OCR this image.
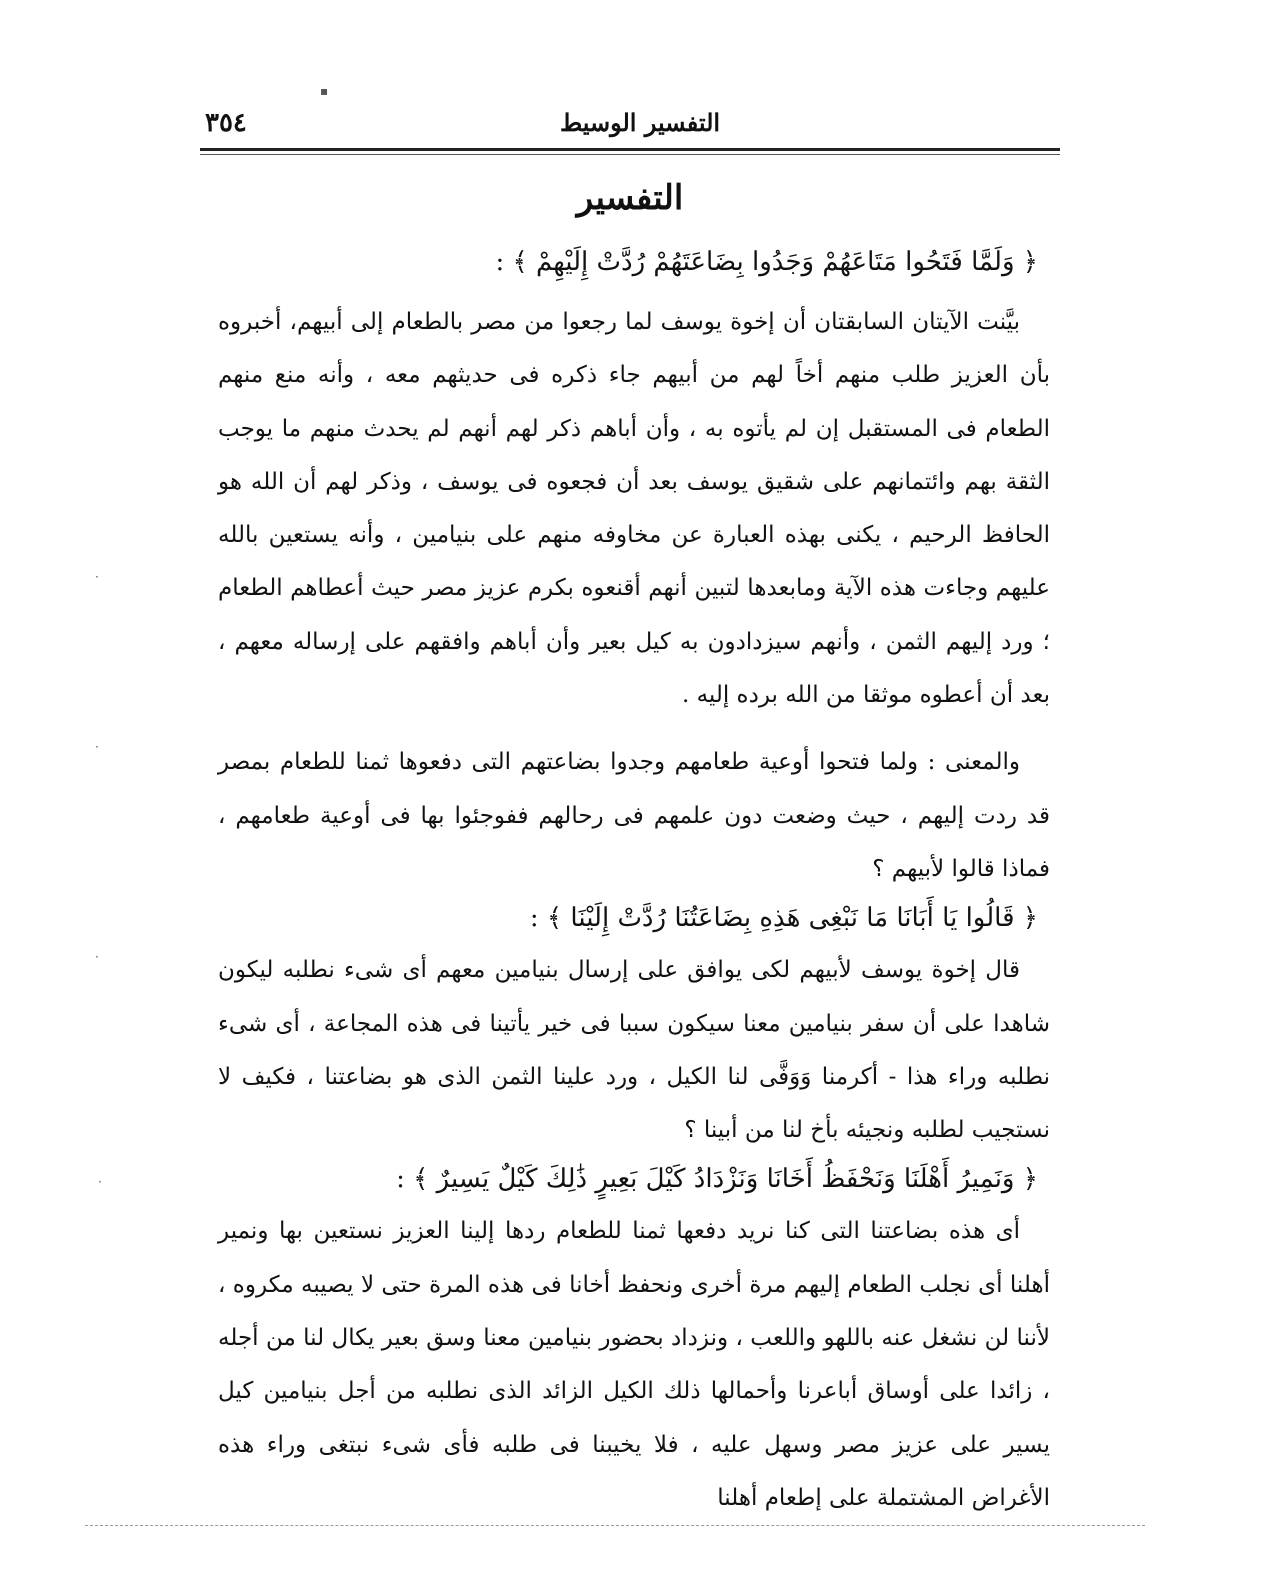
٣٥٤	التفسير الوسيط
التفسير
﴿ وَلَمَّا فَتَحُوا مَتَاعَهُمْ وَجَدُوا بِضَاعَتَهُمْ رُدَّتْ إِلَيْهِمْ ﴾ :

بيَّنت الآيتان السابقتان أن إخوة يوسف لما رجعوا من مصر بالطعام إلى أبيهم، أخبروه بأن العزيز طلب منهم أخاً لهم من أبيهم جاء ذكره فى حديثهم معه ، وأنه منع منهم الطعام فى المستقبل إن لم يأتوه به ، وأن أباهم ذكر لهم أنهم لم يحدث منهم ما يوجب الثقة بهم وائتمانهم على شقيق يوسف بعد أن فجعوه فى يوسف ، وذكر لهم أن الله هو الحافظ الرحيم ، يكنى بهذه العبارة عن مخاوفه منهم على بنيامين ، وأنه يستعين بالله عليهم وجاءت هذه الآية ومابعدها لتبين أنهم أقنعوه بكرم عزيز مصر حيث أعطاهم الطعام ؛ ورد إليهم الثمن ، وأنهم سيزدادون به كيل بعير وأن أباهم وافقهم على إرساله معهم ، بعد أن أعطوه موثقا من الله برده إليه .

والمعنى : ولما فتحوا أوعية طعامهم وجدوا بضاعتهم التى دفعوها ثمنا للطعام بمصر قد ردت إليهم ، حيث وضعت دون علمهم فى رحالهم ففوجئوا بها فى أوعية طعامهم ، فماذا قالوا لأبيهم ؟

﴿ قَالُوا يَا أَبَانَا مَا نَبْغِى هَذِهِ بِضَاعَتُنَا رُدَّتْ إِلَيْنَا ﴾ :

قال إخوة يوسف لأبيهم لكى يوافق على إرسال بنيامين معهم أى شىء نطلبه ليكون شاهدا على أن سفر بنيامين معنا سيكون سببا فى خير يأتينا فى هذه المجاعة ، أى شىء نطلبه وراء هذا - أكرمنا وَوَفَّى لنا الكيل ، ورد علينا الثمن الذى هو بضاعتنا ، فكيف لا نستجيب لطلبه ونجيئه بأخ لنا من أبينا ؟

﴿ وَنَمِيرُ أَهْلَنَا وَنَحْفَظُ أَخَانَا وَنَزْدَادُ كَيْلَ بَعِيرٍ ذَٰلِكَ كَيْلٌ يَسِيرٌ ﴾ :

أى هذه بضاعتنا التى كنا نريد دفعها ثمنا للطعام ردها إلينا العزيز نستعين بها ونمير أهلنا أى نجلب الطعام إليهم مرة أخرى ونحفظ أخانا فى هذه المرة حتى لا يصيبه مكروه ، لأننا لن نشغل عنه باللهو واللعب ، ونزداد بحضور بنيامين معنا وسق بعير يكال لنا من أجله ، زائدا على أوساق أباعرنا وأحمالها ذلك الكيل الزائد الذى نطلبه من أجل بنيامين كيل يسير على عزيز مصر وسهل عليه ، فلا يخيبنا فى طلبه فأى شىء نبتغى وراء هذه الأغراض المشتملة على إطعام أهلنا

▪
·
·
·
·
